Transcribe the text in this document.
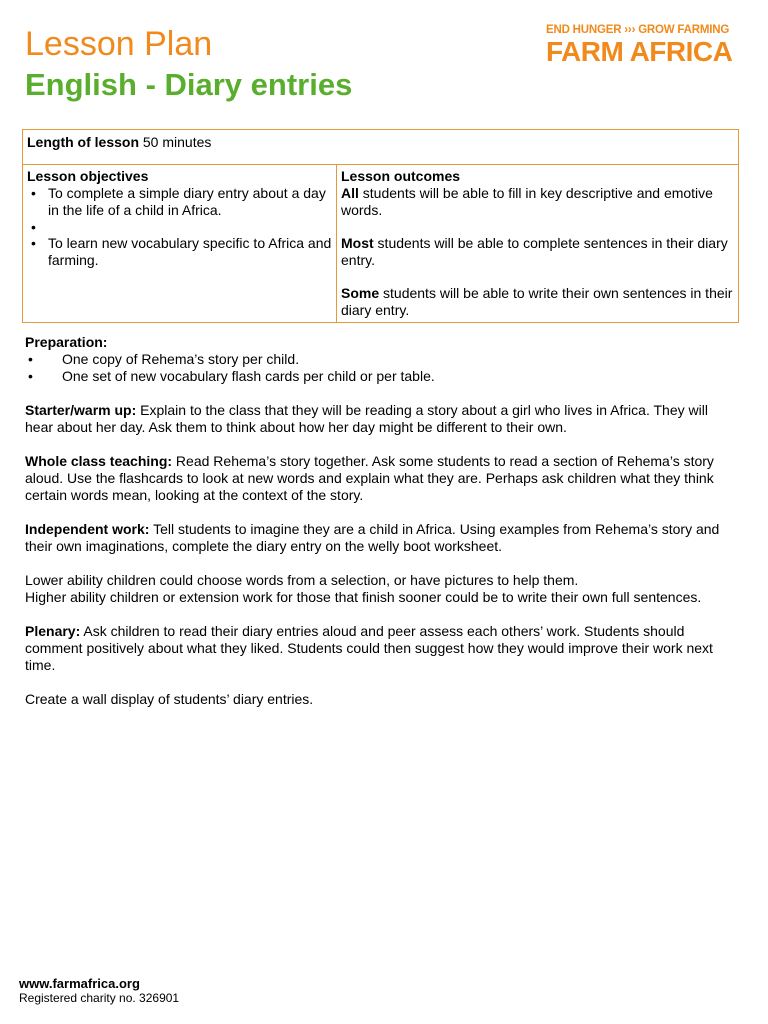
Lesson Plan
English - Diary entries
END HUNGER ››› GROW FARMING
FARM AFRICA
Length of lesson 50 minutes

Lesson objectives
• To complete a simple diary entry about a day in the life of a child in Africa.
•
• To learn new vocabulary specific to Africa and farming.

Lesson outcomes
All students will be able to fill in key descriptive and emotive words.
Most students will be able to complete sentences in their diary entry.
Some students will be able to write their own sentences in their diary entry.
Preparation:
• One copy of Rehema’s story per child.
• One set of new vocabulary flash cards per child or per table.

Starter/warm up: Explain to the class that they will be reading a story about a girl who lives in Africa. They will hear about her day. Ask them to think about how her day might be different to their own.

Whole class teaching: Read Rehema’s story together. Ask some students to read a section of Rehema’s story aloud. Use the flashcards to look at new words and explain what they are. Perhaps ask children what they think certain words mean, looking at the context of the story.

Independent work: Tell students to imagine they are a child in Africa. Using examples from Rehema’s story and their own imaginations, complete the diary entry on the welly boot worksheet.

Lower ability children could choose words from a selection, or have pictures to help them.
Higher ability children or extension work for those that finish sooner could be to write their own full sentences.

Plenary: Ask children to read their diary entries aloud and peer assess each others’ work. Students should comment positively about what they liked. Students could then suggest how they would improve their work next time.

Create a wall display of students’ diary entries.

www.farmafrica.org
Registered charity no. 326901
